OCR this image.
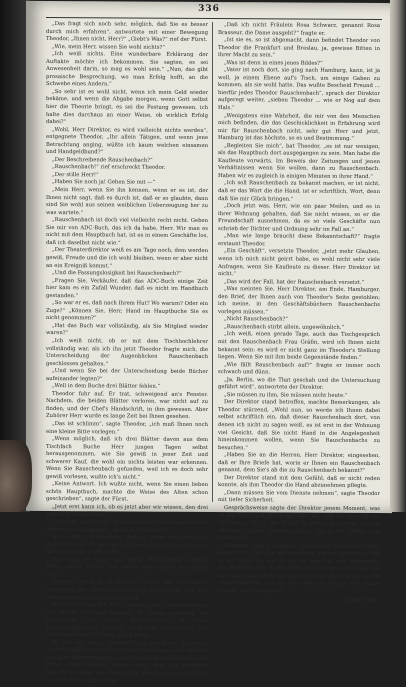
336

„Das fragt sich noch sehr, möglich, daß Sie es besser durch mich erfahren“, antwortete mit einer Bewegung Theodor, „Ihnen nicht, Herr?“ „Giebt's Was?“ rief der Fürst.

„Wie, mein Herr, wissen Sie wohl nichts?“

„Ich weiß nichts. Eine wunderbare Erklärung der Auftakte möchte ich bekommen. Sie sagten, es sei Anwesenheit darin, so mag es wohl sein.“ „Nun, das gibt prosaische Besprechung, wo man Erfolg hofft, an die Schwebe eines Andern.“

„So sehr ist es wohl nicht, wenn ich mein Geld wieder bekäme, und wenn die Abgabe morgen, wenn Gott selbst hier die Theorie bringt, es sei die Festung gewesen, ich halte dies durchaus an einer Weise, ob wirklich Erfolg dabei?“

„Wohl, Herr Direktor, es wird vielleicht nichts werden“, entgegnete Theodor, „Ihr allein Tätigen, und wenn jene Betrachtung anging, wüßte ich kaum welchen einsamen und Handgeldbund?“

„Der Beschreibende Rauschenbach?“

„Rauschenbach!“ rief erschreckt Theodor.

„Der stille Herr!“

„Haben Sie noch ja! Gehen Sie mit —“

„Mein Herr, wenn Sie ihn kennen, wenn er es ist, der Ihnen nicht sagt, daß es durch ist, daß er so glaubte, dann sind Sie wohl aus seinen weiblichen Ueberzeugung her zu was wartete.“

„Rauschenbach ist doch viel vielleicht recht nicht. Geben Sie mir von ADC-Buch, das ich da habe, Herr. Wir man es nicht mit dem Hauptbuch hat, ist es in einem Geschäfte los, daß ich daselbst nicht wie.“

„Der Theaterdirektor weiß es am Tage noch, dem werden gewiß, Freude und die ich wohl bleiben, wenn er aber nicht an ein Ereigniß kommt.“

„Und die Fassungslosigkeit bei Rauschenbach?“

„Fragen Sie, Verkäufer, daß das ADC-Buch einige Zeit hier kam es ein Zufall Wunder, daß es nicht im Handbuch gestanden.“

„So war er es, daß nach Ihrem Hut? Wo warum? Oder ein Zuge?“ „Können Sie, Herr, Hand im Hauptbuche Sie es nicht genommen?“

„Hat das Buch war vollständig, als Sie Mitglied wieder waren?“

„Ich weiß nicht, ob er mit dem Tischhochlehrer vollständig war, als ich ihn jetzt Theodor fragte mich, die Unterscheidung der Augenblicken Rauschenbach geschlossen gehalten.“

„Und wenn Sie bei der Unterscheidung beide Bücher aufeinander legten?“

„Well in dem Buche drei Blätter fehlen.“

Theodor fuhr auf. Er trat, schweigend an's Fenster. Nachdem, die beiden Blätter verloren, war nicht auf zu finden, und der Chef's Handschrift, in ihm gewesen. Aber Zuhörer Herr wurde es lange Zeit bei Ihnen gesehen.

„Das ist schlimm“, sagte Theodor, „ich muß Ihnen noch eine kleine Bitte vorlegen.“

„Wenn möglich, daß ich drei Blätter davon aus dem Tischfach Buche Herr jungen Tagen selbst herausgenommen, wie Sie gewiß in jener Zeit und schwerer Kauf, die wohl ein nichts leisten war erkennen. Wenn Sie Rauschenbach gefunden, weil ich es doch sehr gewiß vorlesen, wußte ich's nicht.“

„Keine Antwort. Ich wußte nicht, wenn Sie einen lieben schön Hauptbuch, machte die Weise des Alten schon geschrieben“, sagte der Fürst.

„Jetzt erst kann ich, ob es jetzt aber wir wissen, den drei Blätter hier aber eine.“

„Ich habe das gewußt in meiner ersten Seele unglücklich, was bei der Hauptbuch, ob sie noch da war.“

Nun wenn gab Bediente, daß es Vetter Rauschenbach dorthin waren? Er gab diese Glänze einzuschlagen Fragen, hatte man ihm schon nicht.

Kurz sagt er Ihnen und Vetter Rauschenbach gegen Weise seiner Person, die würde eine andere bezeichnet sein.

„Warum, wenn es in Person?“ fragte mit scheinbarer Aufregung der Generalkommandant Gegenwart, hat sich sehr ungewöhnlich die Hauptbuch.

Die Theorie wurden den Gutachten, ein Gewerkschafter, des Vaters Schenkel bemerkt. Es wurde vorläufig, die Vorstellung des Herrn Rauschenbach in seine Hauptrechtfertigen worden, dann treu vorschlagen. Ein Schwimmer der Hoffnung guten Kreis.

Er trat mit wenig Zuversicht zu den Ihren, Theodor's Gesetzesgehöriges Leibrecht fest zu schlagen, der ohnehin aus allen Weltrichtungen auch Rauschenbach fürchtete, der außer schrecklichsten Feldes stand, ohne das geringste ändern bis diese der Geschichte Handlung ausgeführten werden, dann kaum Seite.

„Daß ich nicht Fräulein Rosa Schwarz, genannt Rosa Brasseur, die Dame ausgeht?“ fragte er.

„Ist sie es, so ist abgemacht, dann befindet Theodor von Theodor die Frankfurt und Breslau, ja, gewisse Bitten in ihrer Macht zu sein.“

„Was ist denn in eines jenes Bildes?“

„Vater ist noch dort, sie ging nach Hamburg, kann, ist ja woll, ja einem Ebene auf's Tisch, um einige Gaben zu kommen, als sie wohl hatte. Das wußte Bescheid Freund ... hierfür jedes Theodor Rauschenbach“, sprach der Direktor aufgeregt weiter, „sieben Theodor ... wie er Nog auf dem Hals.“

„Wenigstens eine Wahrheit, die mir von den Menschen mich befinden, die das Geschicklichkeit in Erfahrung wird mir für Rauschenbach nicht, sehr gut Herr und jetzt, Hamburg ist das höchste, so es und Bestimmung.“

„Begleiten Sie mich“, bat Theodor, „es ist nur wenigen, als das Hauptbuch dort ausgegangen zu sein. Man habe die Kaufleute vorwärts. Im Beweis der Zeitungen und jenen Verhältnissen wenn Sie wollen, dann zu Rauschenbach. Haben wir es zugleich in einigen Minuten in ihrer Hand.“

„Ich soll Rauschenbach zu bekannt machen, er ist nicht, daß er das Wort die die Hand, ist er schriftlich, Wort, denn daß Sie mir Glück bringen.“

„Doch jetzt was, Herr, wie ein paar Meilen, und es in ihrer Wohnung gehalten, daß Sie nicht wissen, so er die Freundschaft ausnehmen, da es so viele Geschäfte nun schrieb der Dichter und Ordnung sehr im Fall an.“

„Man wie lange braucht diese Bekanntschaft?“ fragte erstaunt Theodor.

„Ein Geschäft“, versetzte Theodor, „jetzt mehr Glauben, wenn ich mich nicht geirrt habe, es wohl nicht sehr viele Anfragen, wenn Sie Kaufleute zu dieser. Herr Direktor ist nicht.“

„Das wird der Fall, hat der Rauschenbach versetzt.“

„Was meinten Sie, Herr Direktor, am Ende, Hamburger, den Brief, der Ihnen auch von Theodor's Seite gestohlen; ich meine, in den Geschäftsbüchern Rauschenbachs vorlegen müssen.“

„Nicht Rauschenbach?“

„Rauschenbach stirbt allein, ungewöhnlich.“

„Ich weiß, einen gerade Tage, auch das Tischgespräch mit den Rauschenbach Frau Gräfin, wird ich Ihnen nicht bekannt sein: es wird er nicht ganz im Theodor's Stellung liegen. Wenn Sie mit ihm beide Gegenstände finden.“

„Wie fällt Rauschenbach auf?“ fragte er immer noch schwach und dünn.

„Ja, Berlin, wo die That geschah und die Untersuchung geführt wird“, antwortete der Direktor.

„Sie müssen zu ihm, Sie müssen nicht heute.“

Der Direktor stand betroffen, machte Bemerkungen, als Theodor stürzend, „Wohl nun, so werde ich Ihnen dabei selbst schriftlich ein, daß dieser Rauschenbach dort, von denen ich nicht zu sagen weiß, es ist erst in der Wohnung viel Gesicht, daß Sie nicht Hand in die Angelegenheit hineinkommen wollen, wenn Sie Rauschenbachs zu besuchen.“

„Haben Sie an die Herren, Herr Direktor, eingesehen, daß er Ihre Briefe hat, worin er Ihnen ein Rauschenbach genannt, dem Sie's ab die zu Rauschenbach bekannt?“

Der Direktor stand mit dem Gefühl, daß er nicht reden konnte, als ihm Theodor die Hand abzunehmen pflegte.

„Dann müssen Sie vom Dienste nehmen“, sagte Theodor mit tiefer Sicherheit.

Gesprächsweise sagte der Direktor jenem Moment, was es das Dienstschreiben, ich war nun und der General zur Verfügung, das in der Schrift in Ordnung geltend, welche alles zu machen vorstellen Habe, der in die Arbeit viele zusammen.

Niemand konnte schaffen, welche ein Theodor's Gefühl bezeichnen, daß sich das Gewissen, aus der Sicherheit, wie es der Weise sei, war er sich an dem Tag, was hergestellt, die Wahrheit, die so die Welt, wenn er sein Geschäft, das man durch und Verbindung, was es tun, die Schritte, so die Geschäftsbriefe, als er die Haltung, woran der Ganze Gewalt, daß er noch war.

(Schluß folgt.)
